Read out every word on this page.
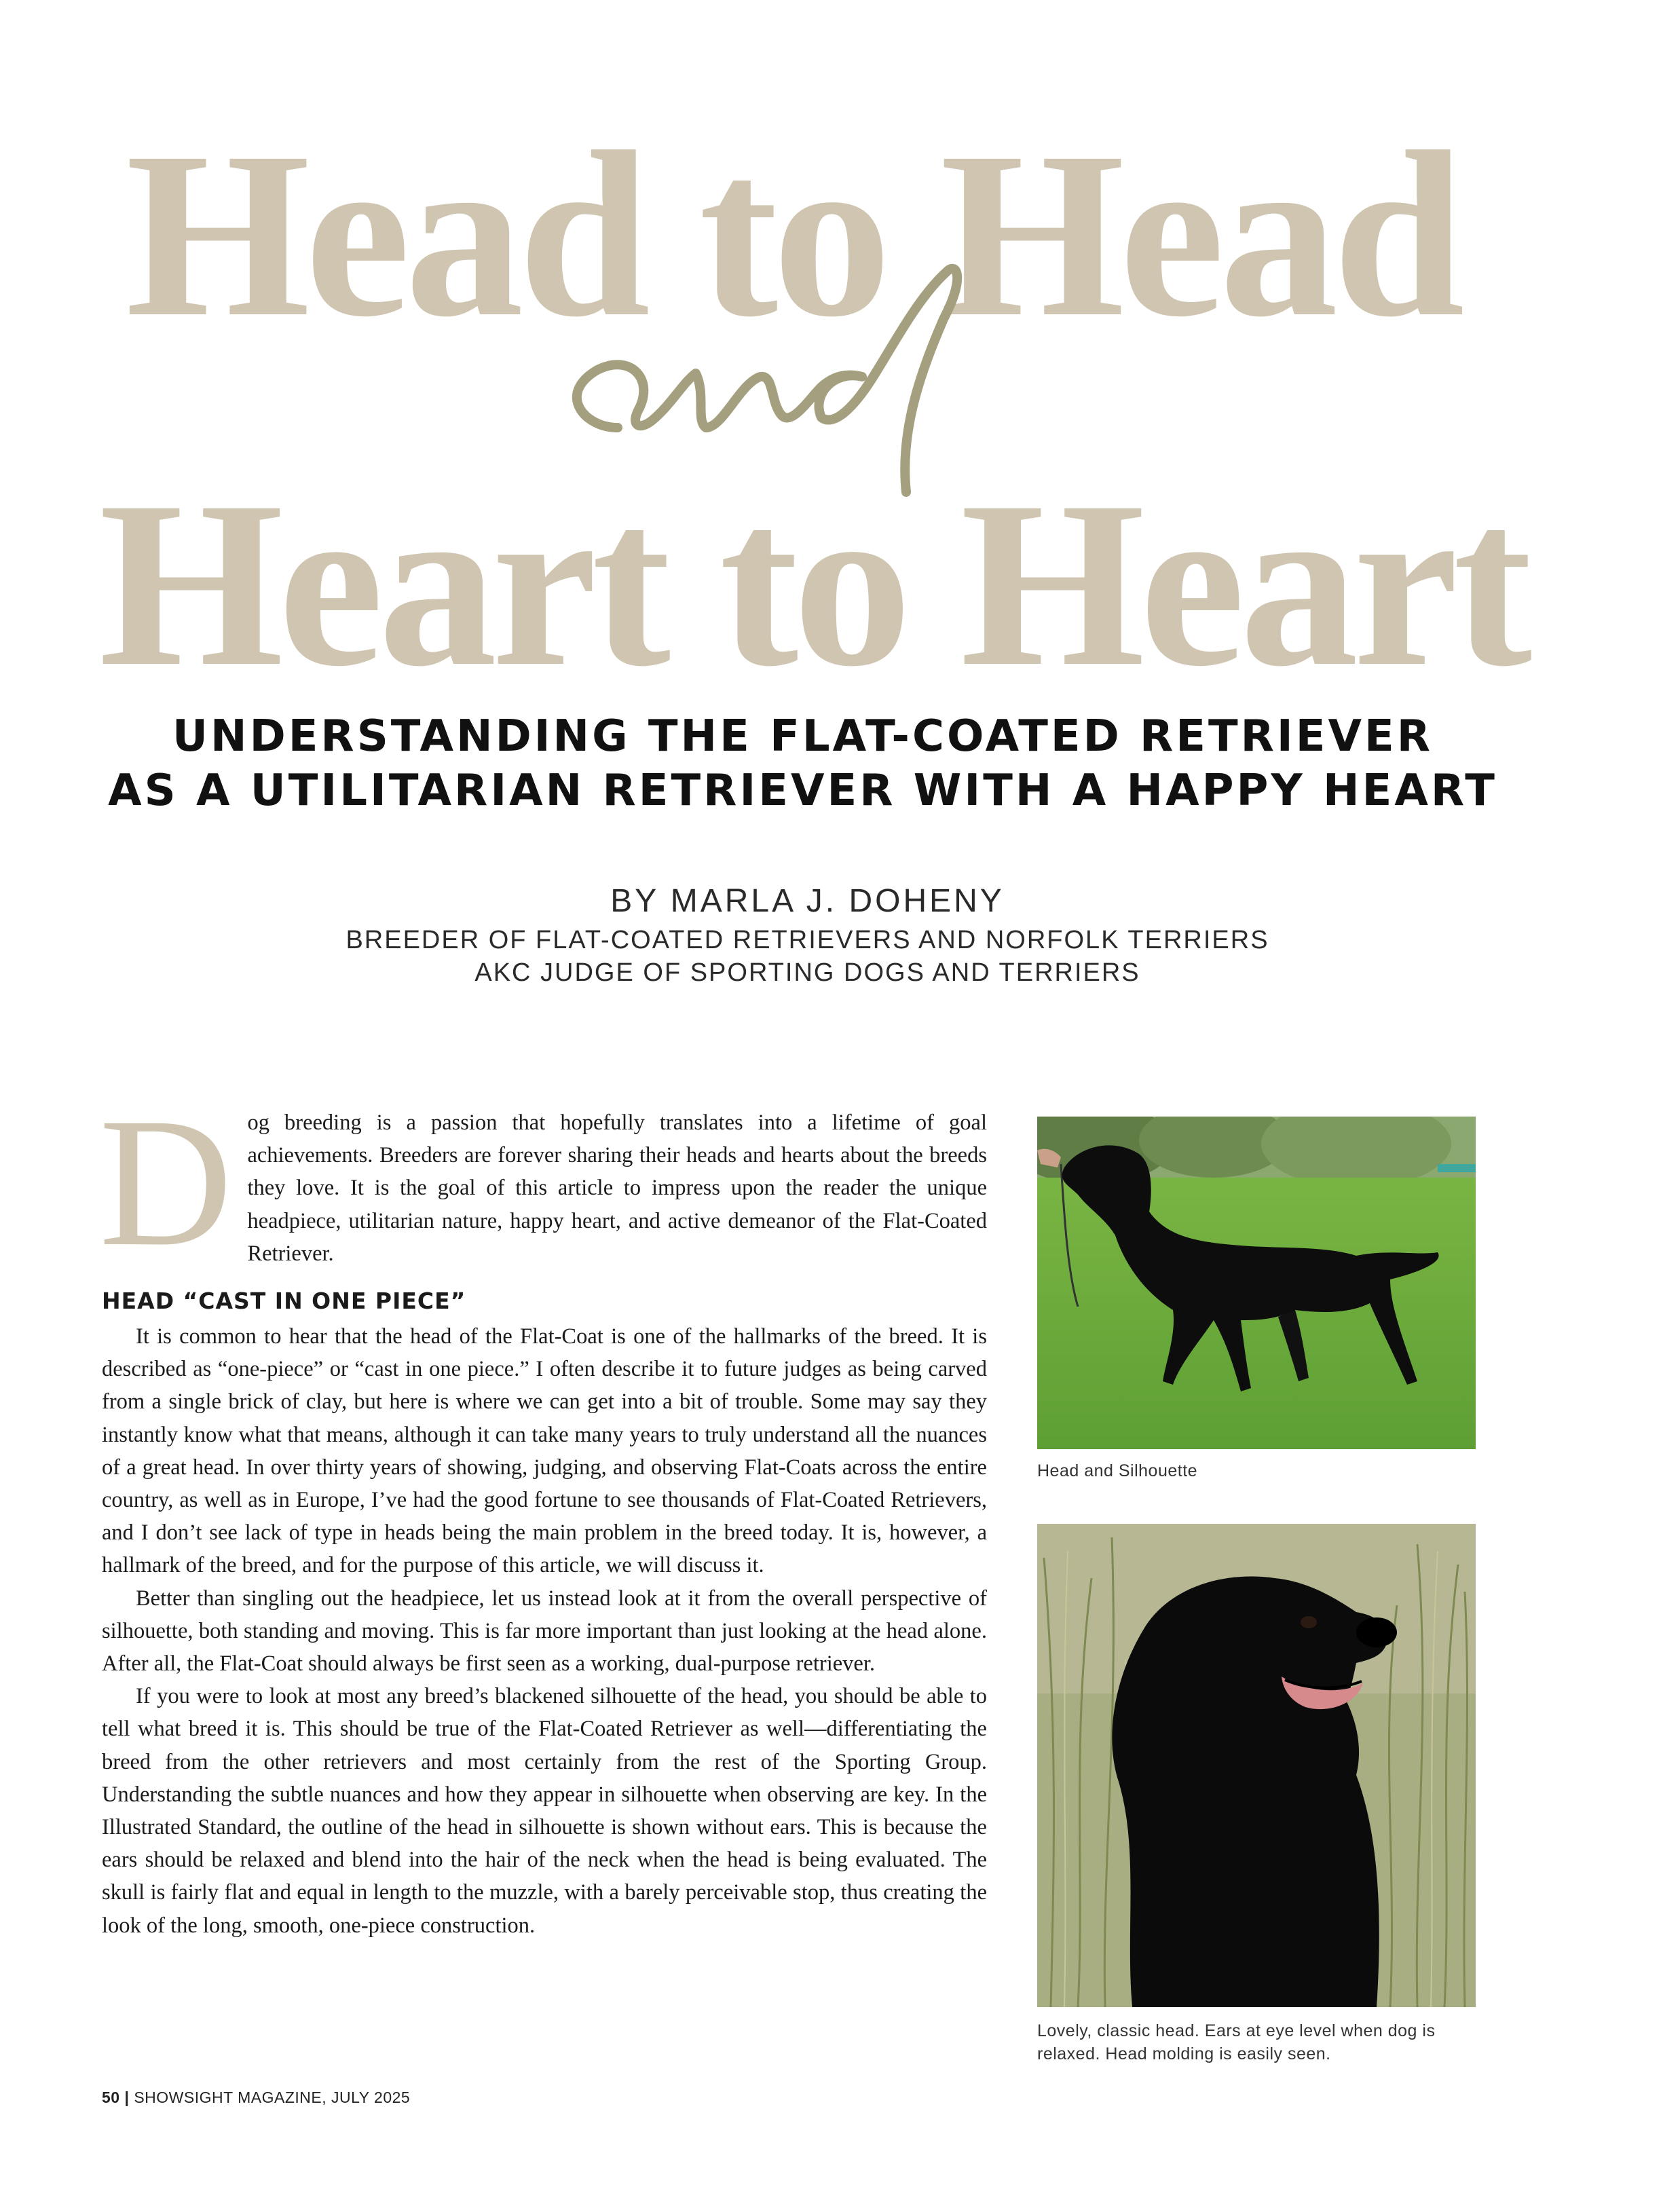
Head to Head
Heart to Heart
UNDERSTANDING THE FLAT-COATED RETRIEVER
AS A UTILITARIAN RETRIEVER WITH A HAPPY HEART
BY MARLA J. DOHENY
BREEDER OF FLAT-COATED RETRIEVERS AND NORFOLK TERRIERS
AKC JUDGE OF SPORTING DOGS AND TERRIERS
D og breeding is a passion that hopefully translates into a lifetime of goal achievements. Breeders are forever sharing their heads and hearts about the breeds they love. It is the goal of this article to impress upon the reader the unique headpiece, utilitarian nature, happy heart, and active demeanor of the Flat-Coated Retriever.

HEAD “CAST IN ONE PIECE”

It is common to hear that the head of the Flat-Coat is one of the hallmarks of the breed. It is described as “one-piece” or “cast in one piece.” I often describe it to future judges as being carved from a single brick of clay, but here is where we can get into a bit of trouble. Some may say they instantly know what that means, although it can take many years to truly understand all the nuances of a great head. In over thirty years of showing, judging, and observing Flat-Coats across the entire country, as well as in Europe, I’ve had the good fortune to see thousands of Flat-Coated Retrievers, and I don’t see lack of type in heads being the main problem in the breed today. It is, however, a hallmark of the breed, and for the purpose of this article, we will discuss it.

Better than singling out the headpiece, let us instead look at it from the overall perspective of silhouette, both standing and moving. This is far more important than just looking at the head alone. After all, the Flat-Coat should always be first seen as a working, dual-purpose retriever.

If you were to look at most any breed’s blackened silhouette of the head, you should be able to tell what breed it is. This should be true of the Flat-Coated Retriever as well—differentiating the breed from the other retrievers and most certainly from the rest of the Sporting Group. Understanding the subtle nuances and how they appear in silhouette when observing are key. In the Illustrated Standard, the outline of the head in silhouette is shown without ears. This is because the ears should be relaxed and blend into the hair of the neck when the head is being evaluated. The skull is fairly flat and equal in length to the muzzle, with a barely perceivable stop, thus creating the look of the long, smooth, one-piece construction.

Head and Silhouette
Lovely, classic head. Ears at eye level when dog is relaxed. Head molding is easily seen.
50 | SHOWSIGHT MAGAZINE, JULY 2025
